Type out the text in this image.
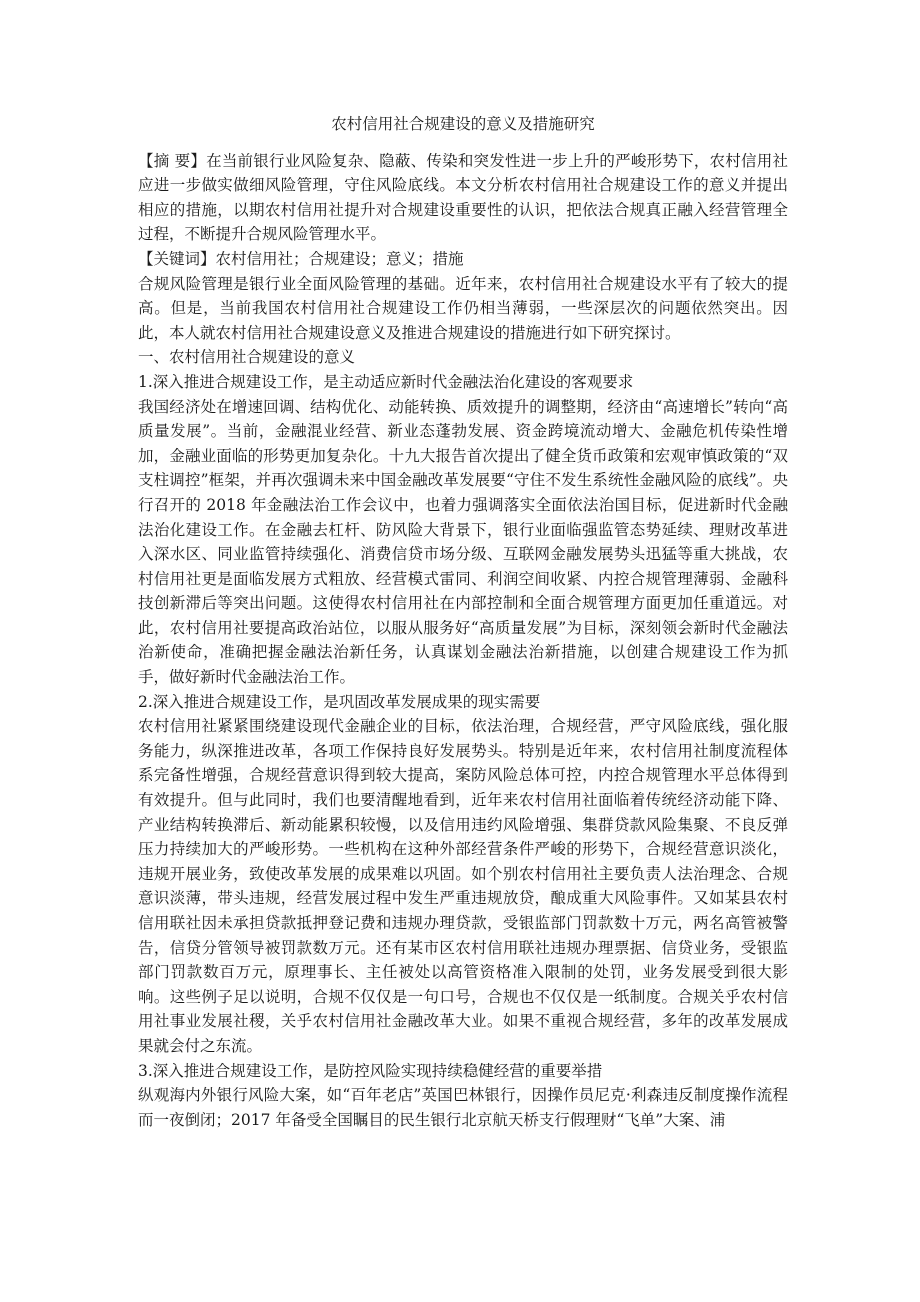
农村信用社合规建设的意义及措施研究

【摘 要】在当前银行业风险复杂、隐蔽、传染和突发性进一步上升的严峻形势下，农村信用社应进一步做实做细风险管理，守住风险底线。本文分析农村信用社合规建设工作的意义并提出相应的措施，以期农村信用社提升对合规建设重要性的认识，把依法合规真正融入经营管理全过程，不断提升合规风险管理水平。

【关键词】农村信用社；合规建设；意义；措施

合规风险管理是银行业全面风险管理的基础。近年来，农村信用社合规建设水平有了较大的提高。但是，当前我国农村信用社合规建设工作仍相当薄弱，一些深层次的问题依然突出。因此，本人就农村信用社合规建设意义及推进合规建设的措施进行如下研究探讨。

一、农村信用社合规建设的意义

1.深入推进合规建设工作，是主动适应新时代金融法治化建设的客观要求

我国经济处在增速回调、结构优化、动能转换、质效提升的调整期，经济由“高速增长”转向“高质量发展”。当前，金融混业经营、新业态蓬勃发展、资金跨境流动增大、金融危机传染性增加，金融业面临的形势更加复杂化。十九大报告首次提出了健全货币政策和宏观审慎政策的“双支柱调控”框架，并再次强调未来中国金融改革发展要“守住不发生系统性金融风险的底线”。央行召开的 2018 年金融法治工作会议中，也着力强调落实全面依法治国目标，促进新时代金融法治化建设工作。在金融去杠杆、防风险大背景下，银行业面临强监管态势延续、理财改革进入深水区、同业监管持续强化、消费信贷市场分级、互联网金融发展势头迅猛等重大挑战，农村信用社更是面临发展方式粗放、经营模式雷同、利润空间收紧、内控合规管理薄弱、金融科技创新滞后等突出问题。这使得农村信用社在内部控制和全面合规管理方面更加任重道远。对此，农村信用社要提高政治站位，以服从服务好“高质量发展”为目标，深刻领会新时代金融法治新使命，准确把握金融法治新任务，认真谋划金融法治新措施，以创建合规建设工作为抓手，做好新时代金融法治工作。

2.深入推进合规建设工作，是巩固改革发展成果的现实需要

农村信用社紧紧围绕建设现代金融企业的目标，依法治理，合规经营，严守风险底线，强化服务能力，纵深推进改革，各项工作保持良好发展势头。特别是近年来，农村信用社制度流程体系完备性增强，合规经营意识得到较大提高，案防风险总体可控，内控合规管理水平总体得到有效提升。但与此同时，我们也要清醒地看到，近年来农村信用社面临着传统经济动能下降、产业结构转换滞后、新动能累积较慢，以及信用违约风险增强、集群贷款风险集聚、不良反弹压力持续加大的严峻形势。一些机构在这种外部经营条件严峻的形势下，合规经营意识淡化，违规开展业务，致使改革发展的成果难以巩固。如个别农村信用社主要负责人法治理念、合规意识淡薄，带头违规，经营发展过程中发生严重违规放贷，酿成重大风险事件。又如某县农村信用联社因未承担贷款抵押登记费和违规办理贷款，受银监部门罚款数十万元，两名高管被警告，信贷分管领导被罚款数万元。还有某市区农村信用联社违规办理票据、信贷业务，受银监部门罚款数百万元，原理事长、主任被处以高管资格准入限制的处罚，业务发展受到很大影响。这些例子足以说明，合规不仅仅是一句口号，合规也不仅仅是一纸制度。合规关乎农村信用社事业发展社稷，关乎农村信用社金融改革大业。如果不重视合规经营，多年的改革发展成果就会付之东流。

3.深入推进合规建设工作，是防控风险实现持续稳健经营的重要举措

纵观海内外银行风险大案，如“百年老店”英国巴林银行，因操作员尼克·利森违反制度操作流程而一夜倒闭；2017 年备受全国瞩目的民生银行北京航天桥支行假理财“飞单”大案、浦
